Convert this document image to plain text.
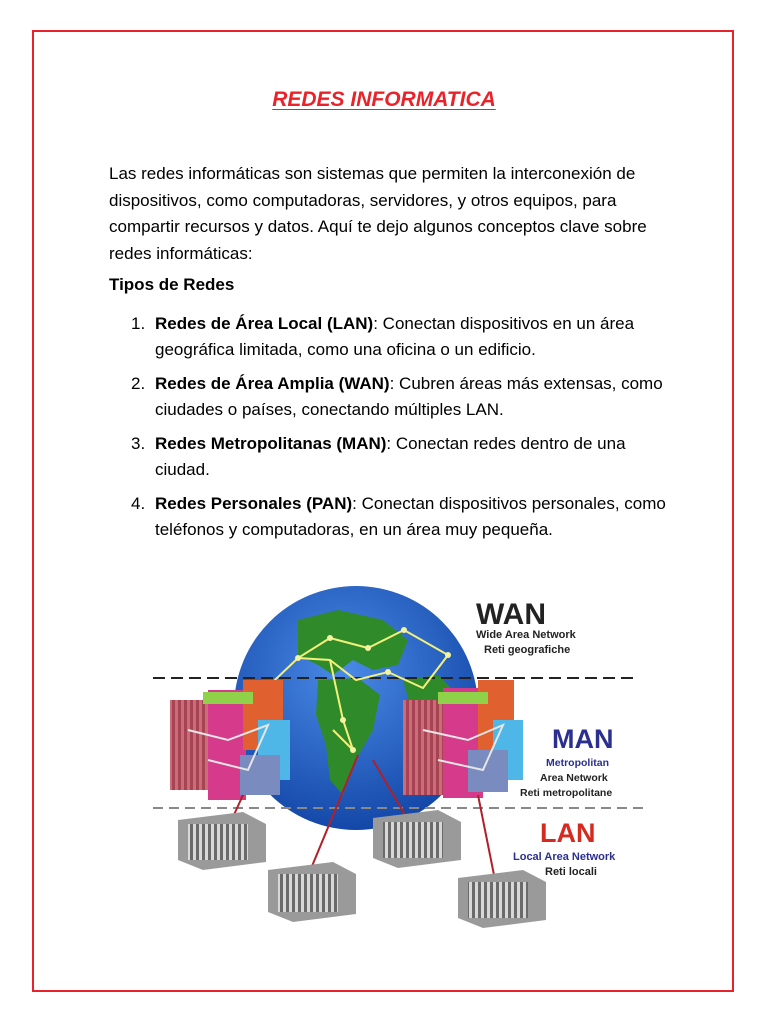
REDES INFORMATICA

Las redes informáticas son sistemas que permiten la interconexión de dispositivos, como computadoras, servidores, y otros equipos, para compartir recursos y datos. Aquí te dejo algunos conceptos clave sobre redes informáticas:

Tipos de Redes
1. Redes de Área Local (LAN): Conectan dispositivos en un área geográfica limitada, como una oficina o un edificio.
2. Redes de Área Amplia (WAN): Cubren áreas más extensas, como ciudades o países, conectando múltiples LAN.
3. Redes Metropolitanas (MAN): Conectan redes dentro de una ciudad.
4. Redes Personales (PAN): Conectan dispositivos personales, como teléfonos y computadoras, en un área muy pequeña.
WAN
Wide Area Network
Reti geografiche
MAN
Metropolitan
Area Network
Reti metropolitane
LAN
Local Area Network
Reti locali
